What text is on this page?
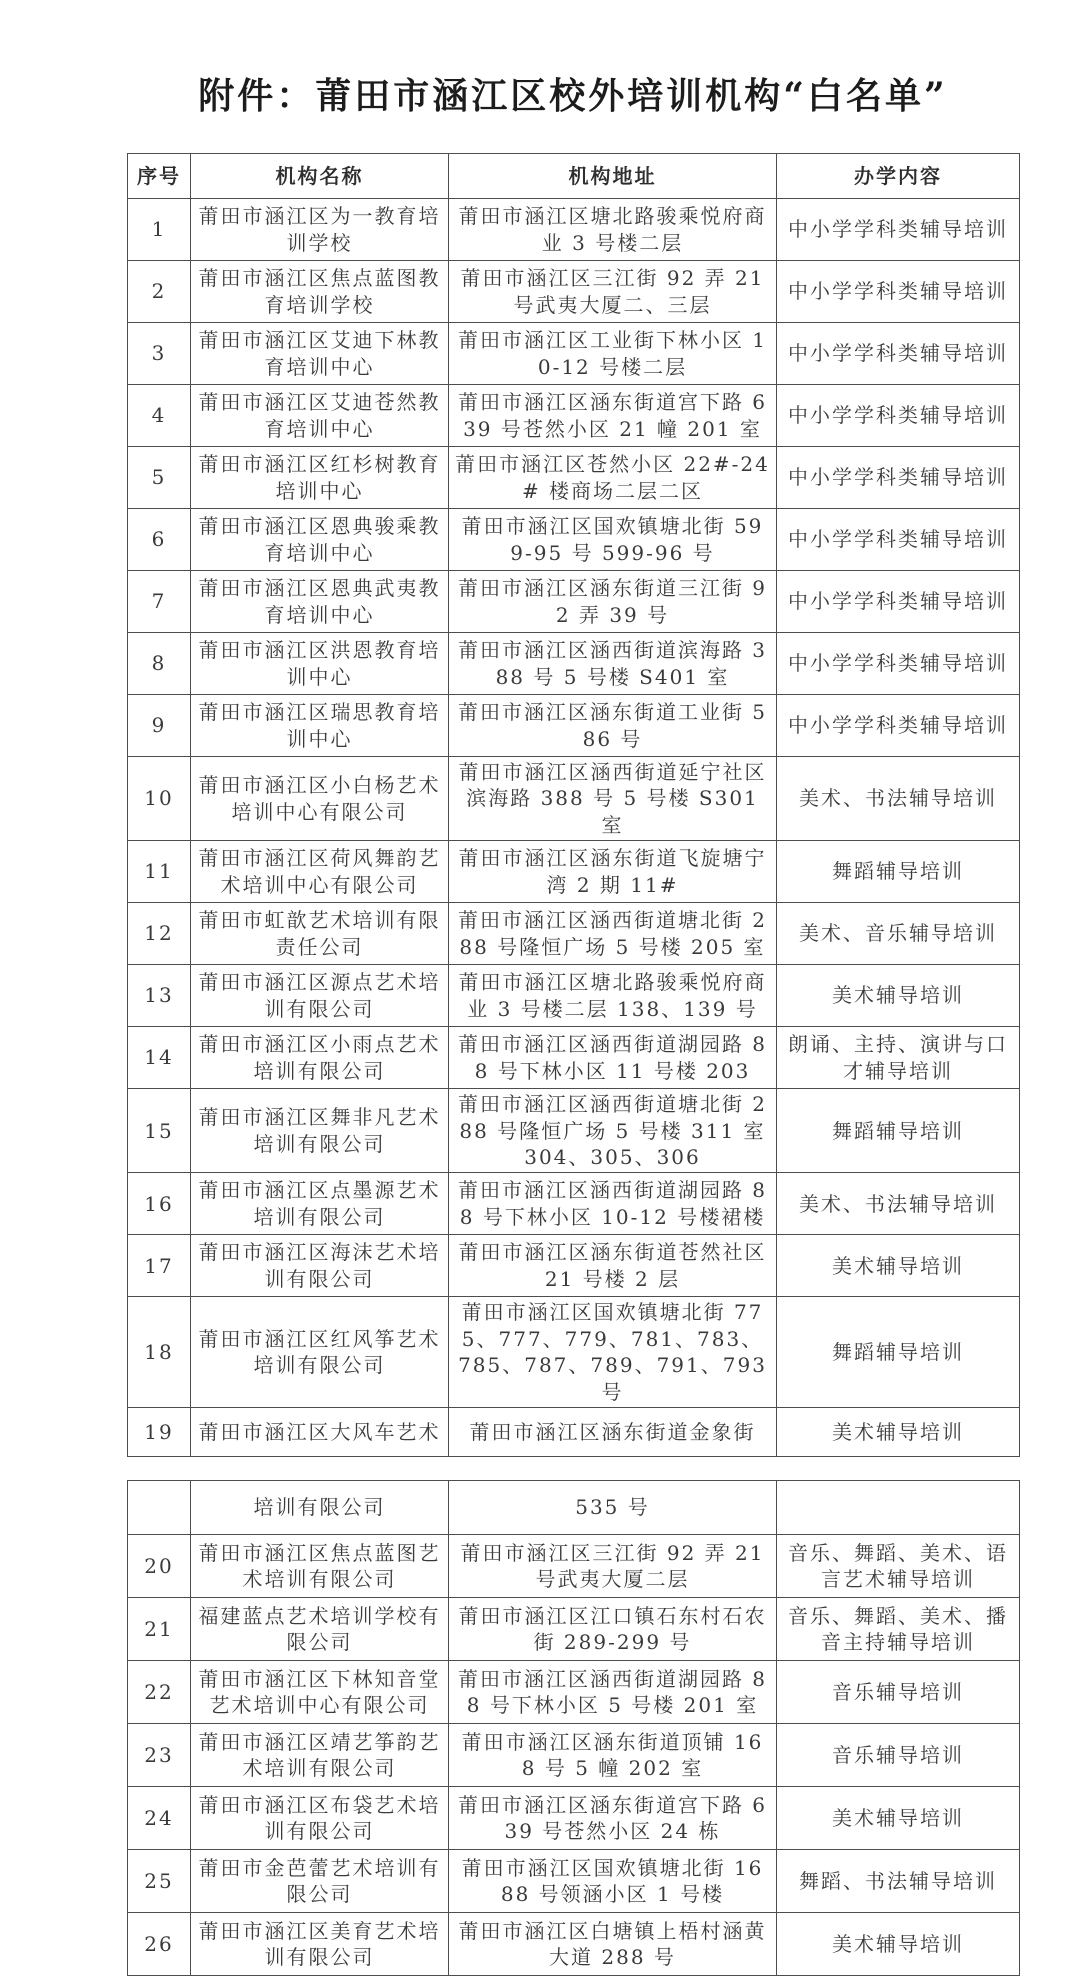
附件：莆田市涵江区校外培训机构“白名单”
序号	机构名称	机构地址	办学内容
1	莆田市涵江区为一教育培训学校	莆田市涵江区塘北路骏乘悦府商业 3 号楼二层	中小学学科类辅导培训
2	莆田市涵江区焦点蓝图教育培训学校	莆田市涵江区三江街 92 弄 21 号武夷大厦二、三层	中小学学科类辅导培训
3	莆田市涵江区艾迪下林教育培训中心	莆田市涵江区工业街下林小区 10-12 号楼二层	中小学学科类辅导培训
4	莆田市涵江区艾迪苍然教育培训中心	莆田市涵江区涵东街道宫下路 639 号苍然小区 21 幢 201 室	中小学学科类辅导培训
5	莆田市涵江区红杉树教育培训中心	莆田市涵江区苍然小区 22#-24# 楼商场二层二区	中小学学科类辅导培训
6	莆田市涵江区恩典骏乘教育培训中心	莆田市涵江区国欢镇塘北街 599-95 号 599-96 号	中小学学科类辅导培训
7	莆田市涵江区恩典武夷教育培训中心	莆田市涵江区涵东街道三江街 92 弄 39 号	中小学学科类辅导培训
8	莆田市涵江区洪恩教育培训中心	莆田市涵江区涵西街道滨海路 388 号 5 号楼 S401 室	中小学学科类辅导培训
9	莆田市涵江区瑞思教育培训中心	莆田市涵江区涵东街道工业街 586 号	中小学学科类辅导培训
10	莆田市涵江区小白杨艺术培训中心有限公司	莆田市涵江区涵西街道延宁社区滨海路 388 号 5 号楼 S301 室	美术、书法辅导培训
11	莆田市涵江区荷风舞韵艺术培训中心有限公司	莆田市涵江区涵东街道飞旋塘宁湾 2 期 11#	舞蹈辅导培训
12	莆田市虹歆艺术培训有限责任公司	莆田市涵江区涵西街道塘北街 288 号隆恒广场 5 号楼 205 室	美术、音乐辅导培训
13	莆田市涵江区源点艺术培训有限公司	莆田市涵江区塘北路骏乘悦府商业 3 号楼二层 138、139 号	美术辅导培训
14	莆田市涵江区小雨点艺术培训有限公司	莆田市涵江区涵西街道湖园路 88 号下林小区 11 号楼 203	朗诵、主持、演讲与口才辅导培训
15	莆田市涵江区舞非凡艺术培训有限公司	莆田市涵江区涵西街道塘北街 288 号隆恒广场 5 号楼 311 室 304、305、306	舞蹈辅导培训
16	莆田市涵江区点墨源艺术培训有限公司	莆田市涵江区涵西街道湖园路 88 号下林小区 10-12 号楼裙楼	美术、书法辅导培训
17	莆田市涵江区海沫艺术培训有限公司	莆田市涵江区涵东街道苍然社区 21 号楼 2 层	美术辅导培训
18	莆田市涵江区红风筝艺术培训有限公司	莆田市涵江区国欢镇塘北街 775、777、779、781、783、785、787、789、791、793 号	舞蹈辅导培训
19	莆田市涵江区大风车艺术	莆田市涵江区涵东街道金象街	美术辅导培训
	培训有限公司	535 号	
20	莆田市涵江区焦点蓝图艺术培训有限公司	莆田市涵江区三江街 92 弄 21 号武夷大厦二层	音乐、舞蹈、美术、语言艺术辅导培训
21	福建蓝点艺术培训学校有限公司	莆田市涵江区江口镇石东村石农街 289-299 号	音乐、舞蹈、美术、播音主持辅导培训
22	莆田市涵江区下林知音堂艺术培训中心有限公司	莆田市涵江区涵西街道湖园路 88 号下林小区 5 号楼 201 室	音乐辅导培训
23	莆田市涵江区靖艺筝韵艺术培训有限公司	莆田市涵江区涵东街道顶铺 168 号 5 幢 202 室	音乐辅导培训
24	莆田市涵江区布袋艺术培训有限公司	莆田市涵江区涵东街道宫下路 639 号苍然小区 24 栋	美术辅导培训
25	莆田市金芭蕾艺术培训有限公司	莆田市涵江区国欢镇塘北街 1688 号领涵小区 1 号楼	舞蹈、书法辅导培训
26	莆田市涵江区美育艺术培训有限公司	莆田市涵江区白塘镇上梧村涵黄大道 288 号	美术辅导培训
